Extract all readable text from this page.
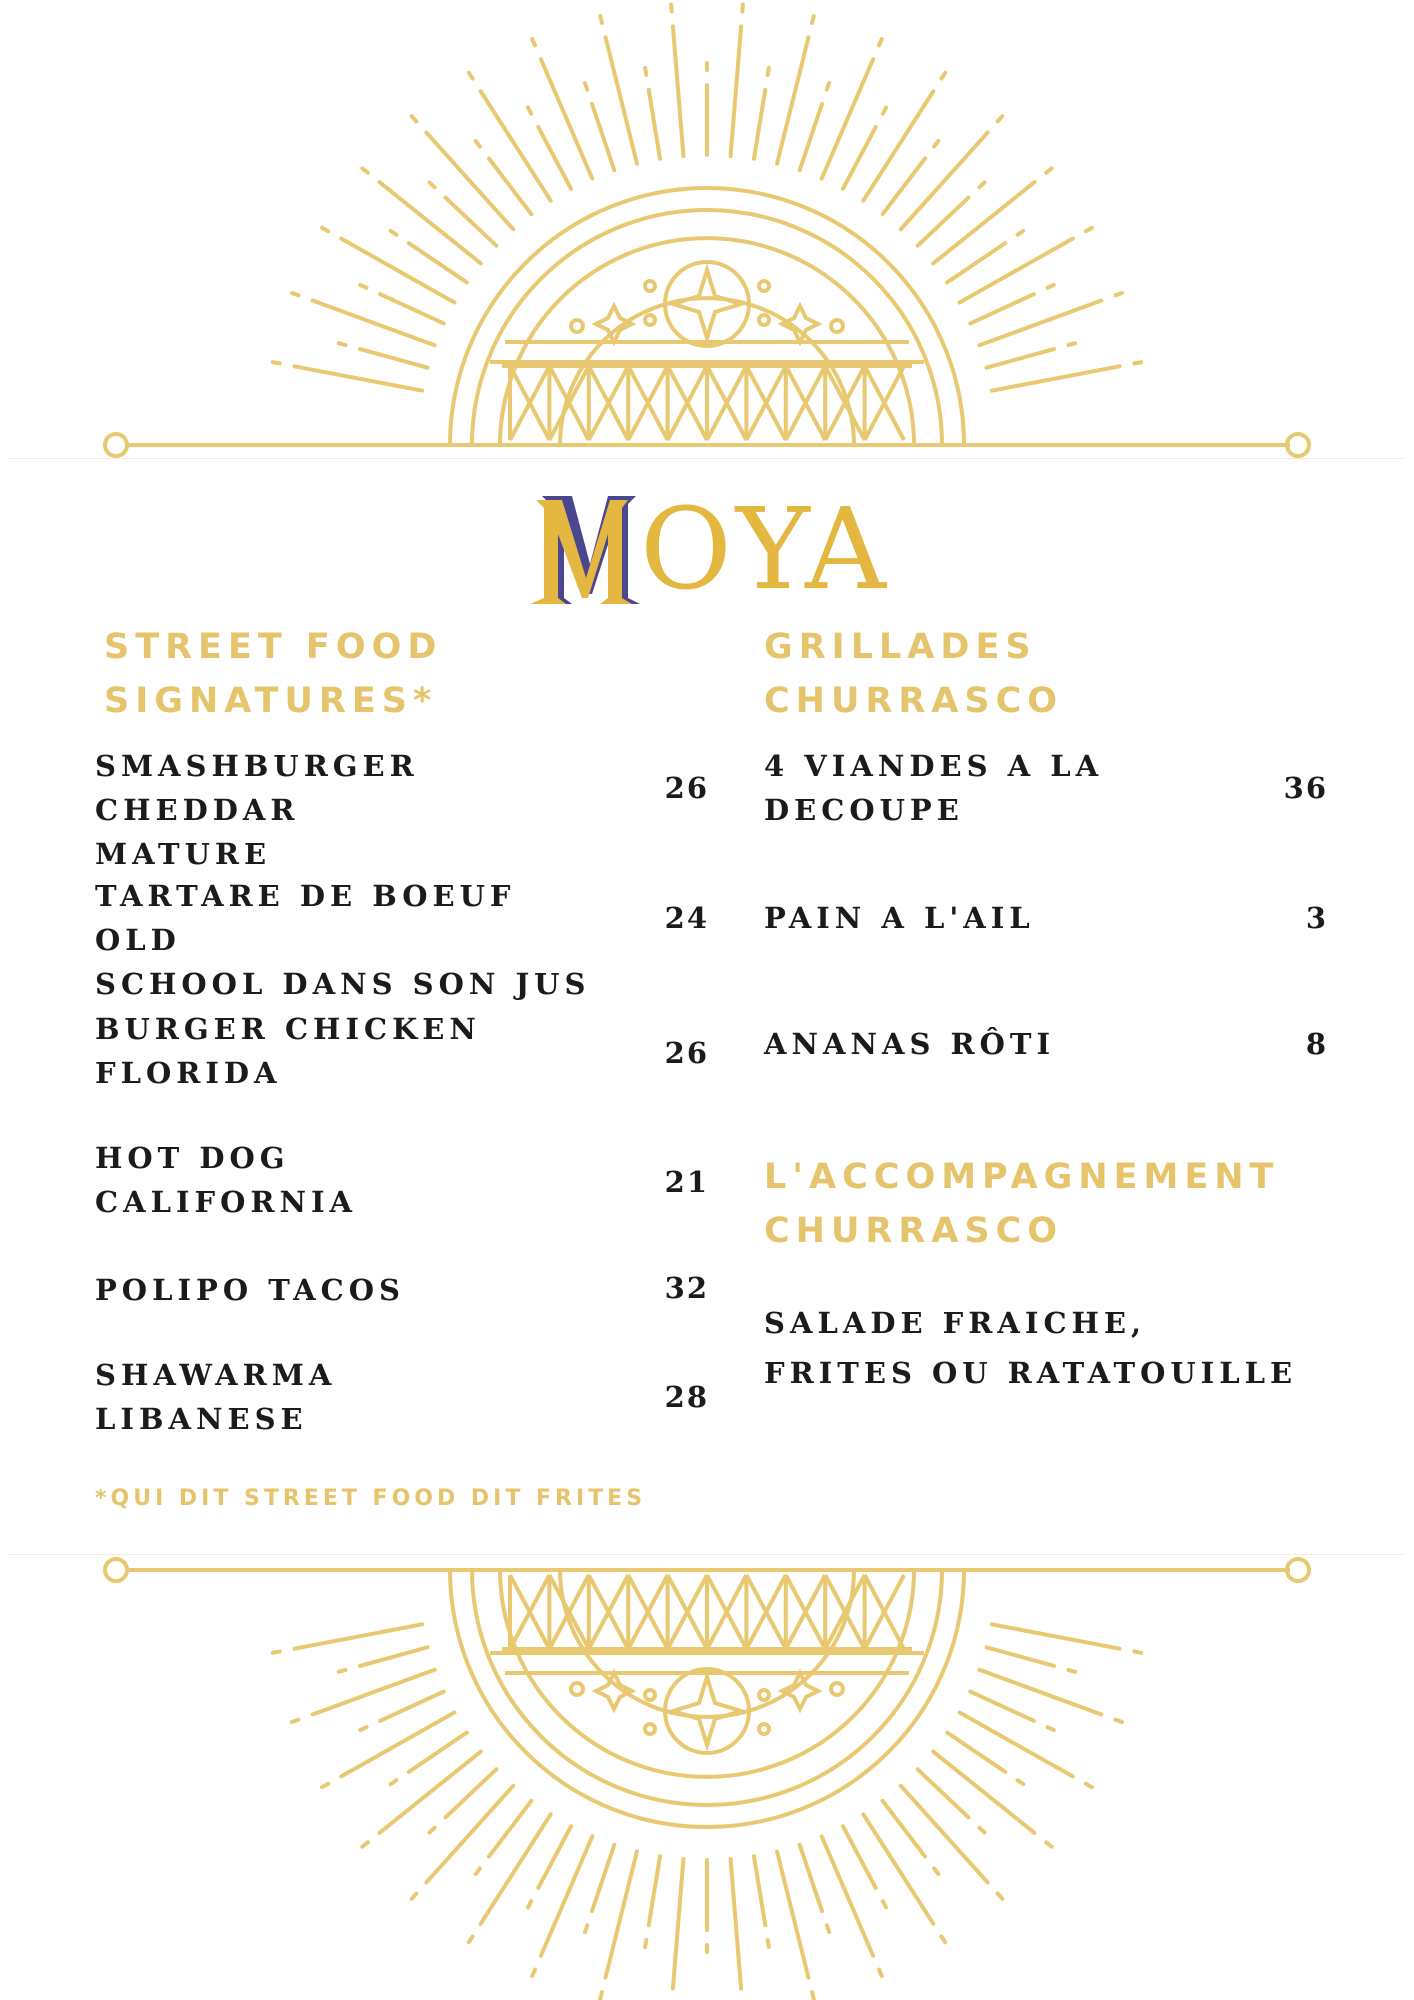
OYA
STREET FOOD
SIGNATURES*
SMASHBURGER CHEDDAR
MATURE
26
TARTARE DE BOEUF OLD
SCHOOL DANS SON JUS
24
BURGER CHICKEN
FLORIDA
26
HOT DOG
CALIFORNIA
21
POLIPO TACOS	32
SHAWARMA
LIBANESE
28
*QUI DIT STREET FOOD DIT FRITES
GRILLADES
CHURRASCO
4 VIANDES A LA
DECOUPE
36
PAIN A L'AIL	3
ANANAS RÔTI	8
L'ACCOMPAGNEMENT
CHURRASCO
SALADE FRAICHE,
FRITES OU RATATOUILLE
